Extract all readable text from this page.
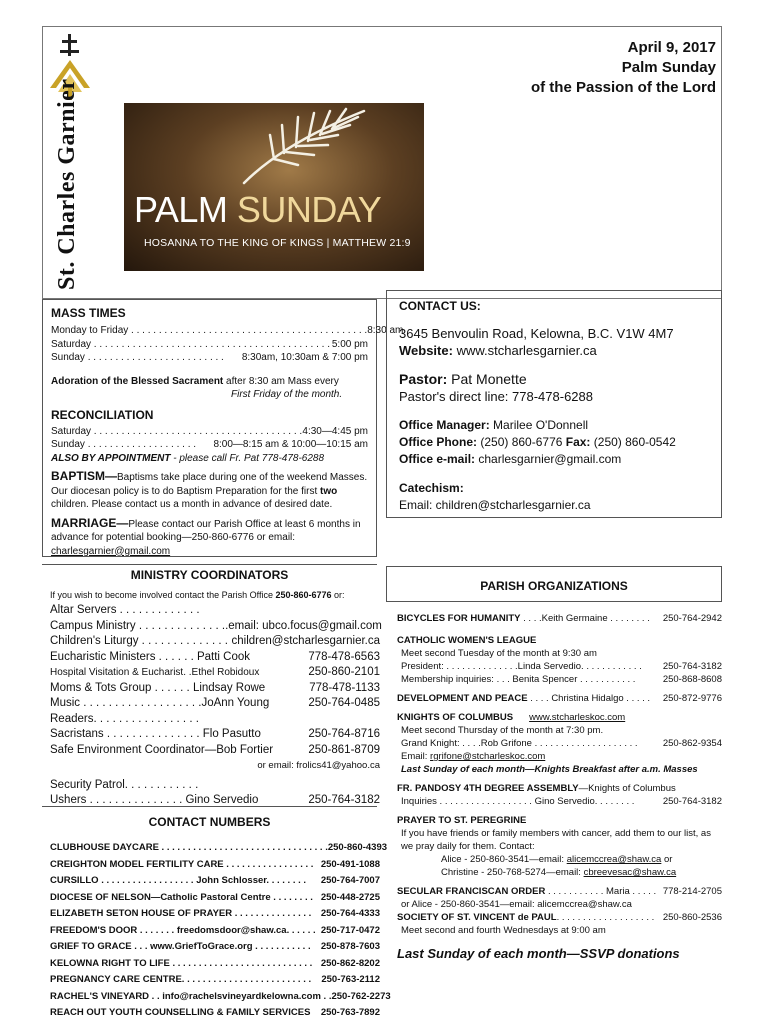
St. Charles Garnier
April 9, 2017
Palm Sunday
of the Passion of the Lord
PALM SUNDAY
HOSANNA TO THE KING OF KINGS | MATTHEW 21:9
MASS TIMES
Monday to Friday . . . . . . . . . . . . . . . . . . . . . . . . . . . . . . . . . . . . . . . . . . . 8:30 am
Saturday . . . . . . . . . . . . . . . . . . . . . . . . . . . . . . . . . . . . . . . . . . . 5:00 pm
Sunday . . . . . . . . . . . . . . . . . . . . . . . . .	8:30am, 10:30am & 7:00 pm
Adoration of the Blessed Sacrament after 8:30 am Mass every
First Friday of the month.
RECONCILIATION
Saturday . . . . . . . . . . . . . . . . . . . . . . . . . . . . . . . . . . . . . . 4:30—4:45 pm
Sunday . . . . . . . . . . . . . . . . . . . .	8:00—8:15 am & 10:00—10:15 am
ALSO BY APPOINTMENT - please call Fr. Pat 778-478-6288
BAPTISM—Baptisms take place during one of the weekend Masses. Our diocesan policy is to do Baptism Preparation for the first two children. Please contact us a month in advance of desired date.
MARRIAGE—Please contact our Parish Office at least 6 months in advance for potential booking—250-860-6776 or email:
charlesgarnier@gmail.com
CONTACT US:
3645 Benvoulin Road, Kelowna, B.C. V1W 4M7
Website: www.stcharlesgarnier.ca
Pastor: Pat Monette
Pastor's direct line: 778-478-6288
Office Manager: Marilee O'Donnell
Office Phone: (250) 860-6776 Fax: (250) 860-0542
Office e-mail: charlesgarnier@gmail.com
Catechism:
Email: children@stcharlesgarnier.ca
MINISTRY COORDINATORS
If you wish to become involved contact the Parish Office 250-860-6776 or:
Altar Servers . . . . . . . . . . . . .
Campus Ministry . . . . . . . . . . . . . . .email: ubco.focus@gmail.com
Children's Liturgy . . . . . . . . . . . . . . children@stcharlesgarnier.ca
Eucharistic Ministers . . . . . . Patti Cook	778-478-6563
Hospital Visitation & Eucharist. .Ethel Robidoux	250-860-2101
Moms & Tots Group . . . . . . Lindsay Rowe	778-478-1133
Music . . . . . . . . . . . . . . . . . . .JoAnn Young	250-764-0485
Readers. . . . . . . . . . . . . . . . .
Sacristans . . . . . . . . . . . . . . . Flo Pasutto	250-764-8716
Safe Environment Coordinator—Bob Fortier	250-861-8709
or email: frolics41@yahoo.ca
Security Patrol. . . . . . . . . . . .
Ushers . . . . . . . . . . . . . . . Gino Servedio	250-764-3182
CONTACT NUMBERS
CLUBHOUSE DAYCARE . . . . . . . . . . . . . . . . . . . . . . . . . . . . . . . . 250-860-4393
CREIGHTON MODEL FERTILITY CARE . . . . . . . . . . . . . . . . . 250-491-1088
CURSILLO . . . . . . . . . . . . . . . . . . John Schlosser. . . . . . . . 250-764-7007
DIOCESE OF NELSON—Catholic Pastoral Centre . . . . . . . . 250-448-2725
ELIZABETH SETON HOUSE OF PRAYER . . . . . . . . . . . . . . . 250-764-4333
FREEDOM'S DOOR . . . . . . . freedomsdoor@shaw.ca. . . . . . 250-717-0472
GRIEF TO GRACE . . . www.GriefToGrace.org . . . . . . . . . . . 250-878-7603
KELOWNA RIGHT TO LIFE . . . . . . . . . . . . . . . . . . . . . . . . . . . 250-862-8202
PREGNANCY CARE CENTRE. . . . . . . . . . . . . . . . . . . . . . . . . 250-763-2112
RACHEL'S VINEYARD . . info@rachelsvineyardkelowna.com . . 250-762-2273
REACH OUT YOUTH COUNSELLING & FAMILY SERVICES 250-763-7892
PARISH ORGANIZATIONS
BICYCLES FOR HUMANITY . . . .Keith Germaine . . . . . . . . 250-764-2942
CATHOLIC WOMEN'S LEAGUE
Meet second Tuesday of the month at 9:30 am
President: . . . . . . . . . . . . . .Linda Servedio. . . . . . . . . . . . 250-764-3182
Membership inquiries: . . . Benita Spencer . . . . . . . . . . .	250-868-8608
DEVELOPMENT AND PEACE . . . . Christina Hidalgo . . . . . 250-872-9776
KNIGHTS OF COLUMBUS www.stcharleskoc.com
Meet second Thursday of the month at 7:30 pm.
Grand Knight: . . . .Rob Grifone . . . . . . . . . . . . . . . . . . . .	250-862-9354
Email: rgrifone@stcharleskoc.com
Last Sunday of each month—Knights Breakfast after a.m. Masses
FR. PANDOSY 4TH DEGREE ASSEMBLY—Knights of Columbus
Inquiries . . . . . . . . . . . . . . . . . . Gino Servedio. . . . . . . .	250-764-3182
PRAYER TO ST. PEREGRINE
If you have friends or family members with cancer, add them to our list, as we pray daily for them. Contact:
Alice - 250-860-3541—email: alicemccrea@shaw.ca or
Christine - 250-768-5274—email: cbreevesac@shaw.ca
SECULAR FRANCISCAN ORDER . . . . . . . . . . . Maria . . . . . 778-214-2705
or Alice - 250-860-3541—email: alicemccrea@shaw.ca
SOCIETY OF ST. VINCENT de PAUL. . . . . . . . . . . . . . . . . . . 250-860-2536
Meet second and fourth Wednesdays at 9:00 am
Last Sunday of each month—SSVP donations
